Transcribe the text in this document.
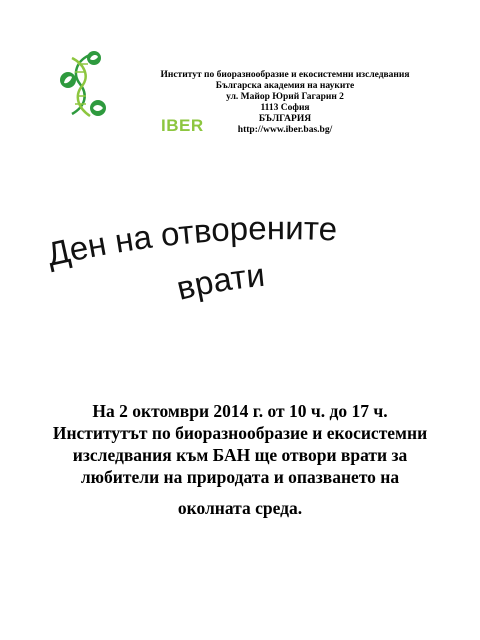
IBER
Институт по биоразнообразие и екосистемни изследвания
Българска академия на науките
ул. Майор Юрий Гагарин 2
1113 София
БЪЛГАРИЯ
http://www.iber.bas.bg/
Ден на отворените
врати
На 2 октомври 2014 г. от 10 ч. до 17 ч.
Институтът по биоразнообразие и екосистемни
изследвания към БАН ще отвори врати за
любители на природата и опазването на
околната среда.
